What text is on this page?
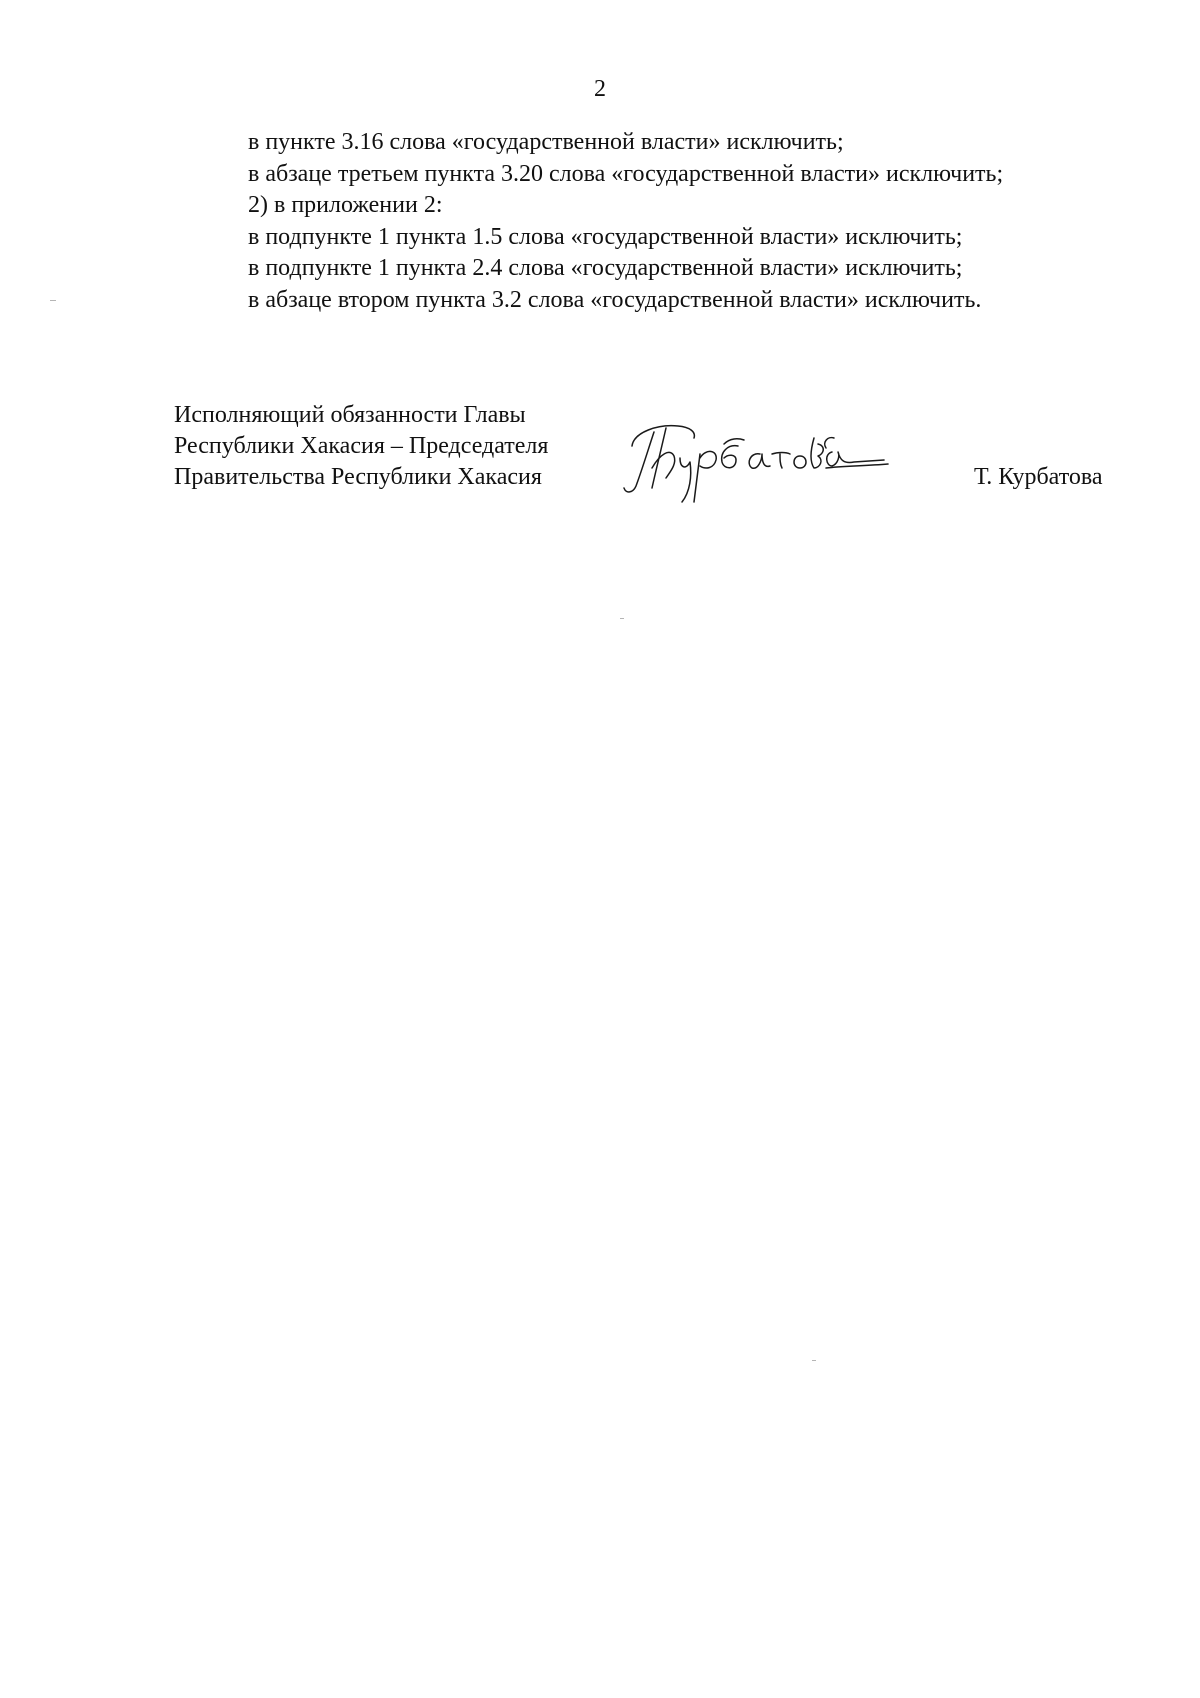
2
в пункте 3.16 слова «государственной власти» исключить;
в абзаце третьем пункта 3.20 слова «государственной власти» исключить;
2) в приложении 2:
в подпункте 1 пункта 1.5 слова «государственной власти» исключить;
в подпункте 1 пункта 2.4 слова «государственной власти» исключить;
в абзаце втором пункта 3.2 слова «государственной власти» исключить.
Исполняющий обязанности Главы
Республики Хакасия – Председателя
Правительства Республики Хакасия	Т. Курбатова
